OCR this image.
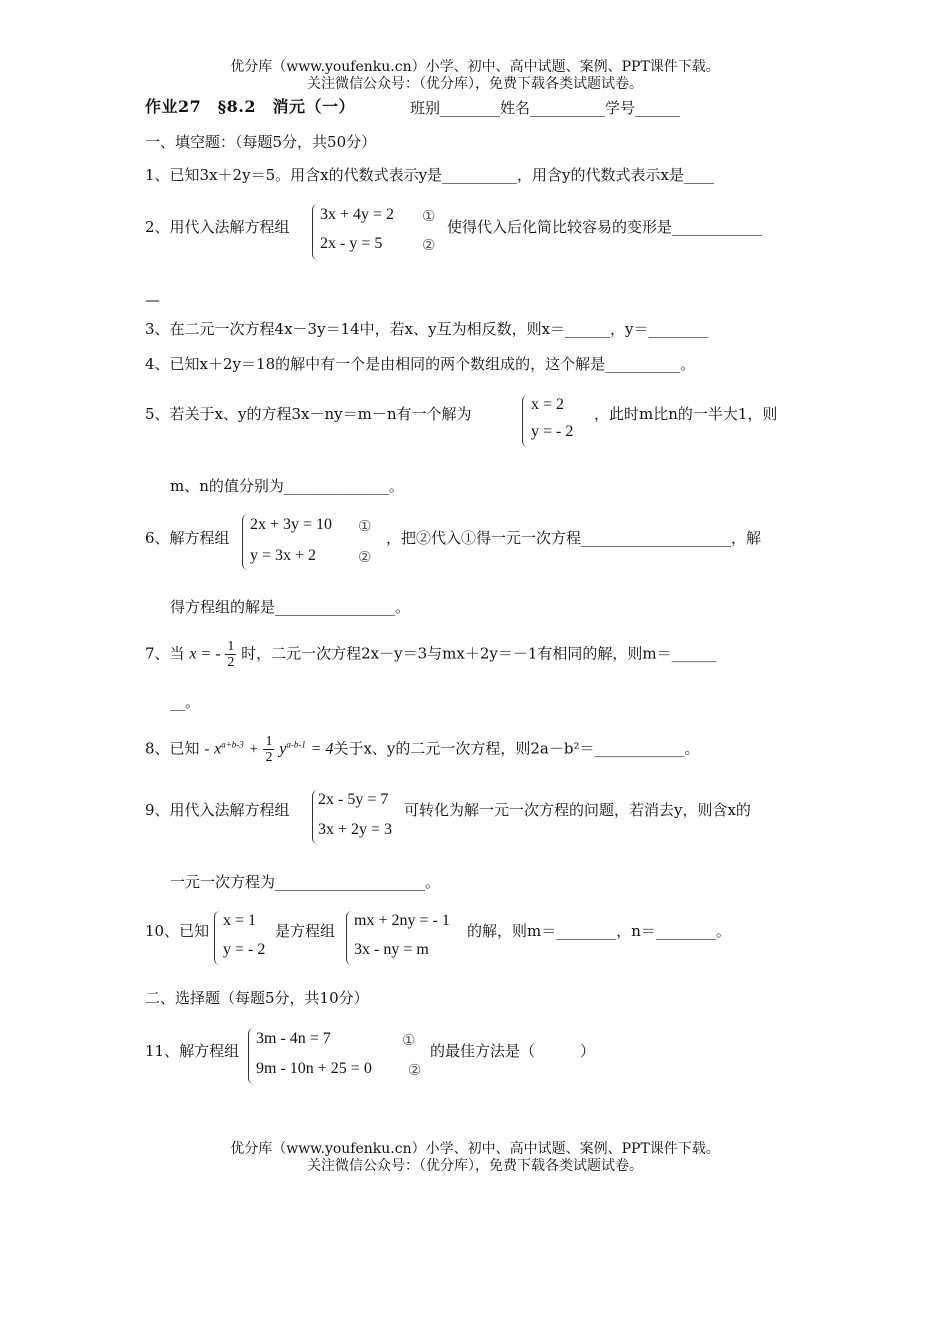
优分库（www.youfenku.cn）小学、初中、高中试题、案例、PPT课件下载。
关注微信公众号：（优分库），免费下载各类试题试卷。
作业27　§8.2　消元（一）	班别________姓名__________学号______
一、填空题：（每题5分，共50分）
1、已知3x＋2y＝5。用含x的代数式表示y是__________，用含y的代数式表示x是____
2、用代入法解方程组
3x + 4y = 2
2x - y = 5
①
②
使得代入后化简比较容易的变形是____________
—
3、在二元一次方程4x－3y＝14中，若x、y互为相反数，则x＝______，y＝________
4、已知x＋2y＝18的解中有一个是由相同的两个数组成的，这个解是__________。
5、若关于x、y的方程3x－ny＝m－n有一个解为
x = 2
y = - 2
，此时m比n的一半大1，则
m、n的值分别为______________。
6、解方程组
2x + 3y = 10
y = 3x + 2
①
②
，把②代入①得一元一次方程____________________，解
得方程组的解是________________。
7、当 x = - $\frac{1}{2}$ 时，二元一次方程2x－y＝3与mx＋2y＝－1有相同的解，则m＝______
__。
8、已知 - $x^{a+b-3} + \frac{1}{2} y^{a-b-1} = 4$关于x、y的二元一次方程，则2a－b²＝____________。
9、用代入法解方程组
2x - 5y = 7
3x + 2y = 3
可转化为解一元一次方程的问题，若消去y，则含x的
一元一次方程为____________________。
10、已知
x = 1
y = - 2
是方程组
mx + 2ny = - 1
3x - ny = m
的解，则m＝________，n＝________。
二、选择题（每题5分，共10分）
11、解方程组
3m - 4n = 7
9m - 10n + 25 = 0
①
②
的最佳方法是（　　　）
优分库（www.youfenku.cn）小学、初中、高中试题、案例、PPT课件下载。
关注微信公众号：（优分库），免费下载各类试题试卷。
